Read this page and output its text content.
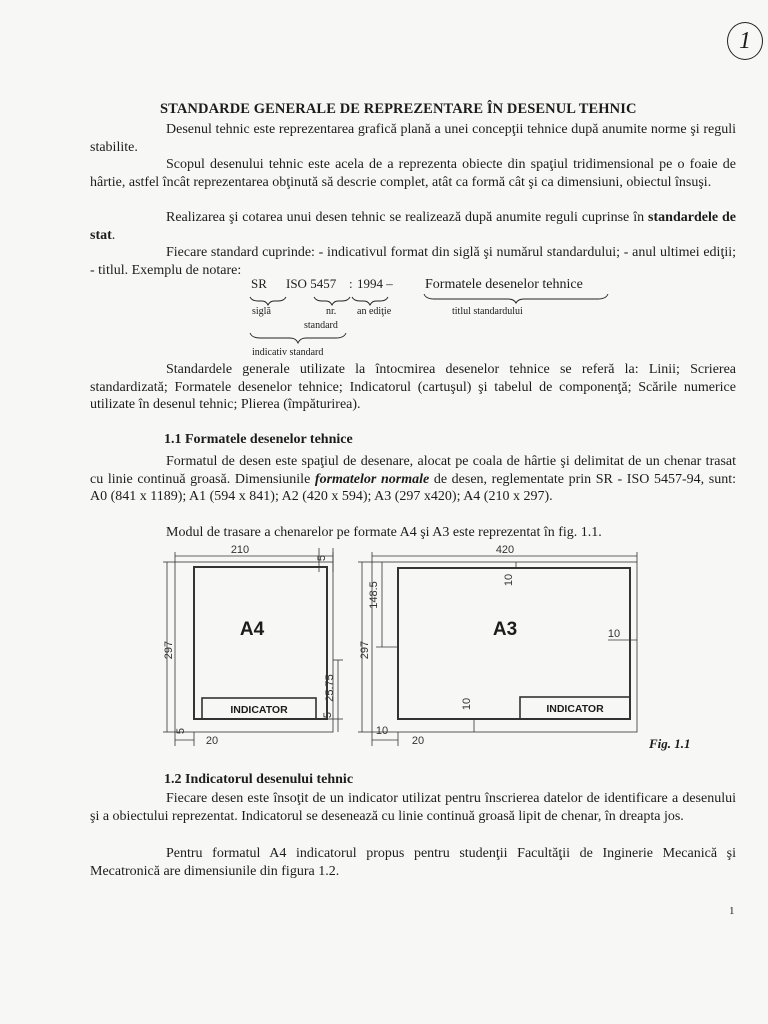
1
STANDARDE GENERALE DE REPREZENTARE ÎN DESENUL TEHNIC
Desenul tehnic este reprezentarea grafică plană a unei concepţii tehnice după anumite norme şi reguli stabilite.
Scopul desenului tehnic este acela de a reprezenta obiecte din spaţiul tridimensional pe o foaie de hârtie, astfel încât reprezentarea obţinută să descrie complet, atât ca formă cât şi ca dimensiuni, obiectul însuşi.
Realizarea şi cotarea unui desen tehnic se realizează după anumite reguli cuprinse în standardele de stat.
Fiecare standard cuprinde: - indicativul format din siglă şi numărul standardului; - anul ultimei ediţii; - titlul. Exemplu de notare:
SR ISO 5457 : 1994 – Formatele desenelor tehnice
siglă	nr.
standard
an ediţie	titlul standardului
indicativ standard
Standardele generale utilizate la întocmirea desenelor tehnice se referă la: Linii; Scrierea standardizată; Formatele desenelor tehnice; Indicatorul (cartuşul) şi tabelul de componenţă; Scările numerice utilizate în desenul tehnic; Plierea (împăturirea).
1.1 Formatele desenelor tehnice
Formatul de desen este spaţiul de desenare, alocat pe coala de hârtie şi delimitat de un chenar trasat cu linie continuă groasă. Dimensiunile formatelor normale de desen, reglementate prin SR - ISO 5457-94, sunt: A0 (841 x 1189); A1 (594 x 841); A2 (420 x 594); A3 (297 x420); A4 (210 x 297).
Modul de trasare a chenarelor pe formate A4 şi A3 este reprezentat în fig. 1.1.
210
297
5
20
5
25.75
5
420
297
148.5
10
10
10
10
20
A4	A3
INDICATOR	INDICATOR
Fig. 1.1
1.2 Indicatorul desenului tehnic
Fiecare desen este însoţit de un indicator utilizat pentru înscrierea datelor de identificare a desenului şi a obiectului reprezentat. Indicatorul se desenează cu linie continuă groasă lipit de chenar, în dreapta jos.
Pentru formatul A4 indicatorul propus pentru studenţii Facultăţii de Inginerie Mecanică şi Mecatronică are dimensiunile din figura 1.2.
1
